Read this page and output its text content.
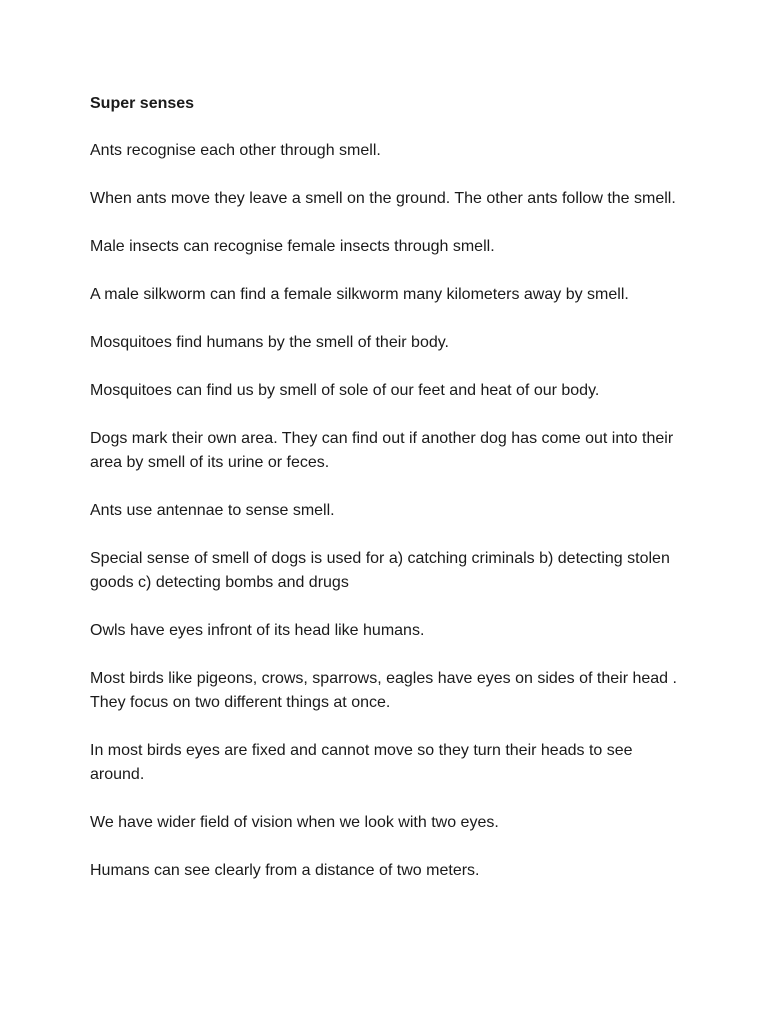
Super senses

Ants recognise each other through smell.

When ants move they leave a smell on the ground. The other ants follow the smell.

Male insects can recognise female insects through smell.

A male silkworm can find a female silkworm many kilometers away by smell.

Mosquitoes find humans by the smell of their body.

Mosquitoes can find us by smell of sole of our feet and heat of our body.

Dogs mark their own area. They can find out if another dog has come out into their area by smell of its urine or feces.

Ants use antennae to sense smell.

Special sense of smell of dogs is used for a) catching criminals b) detecting stolen goods c) detecting bombs and drugs

Owls have eyes infront of its head like humans.

Most birds like pigeons, crows, sparrows, eagles have eyes on sides of their head . They focus on two different things at once.

In most birds eyes are fixed and cannot move so they turn their heads to see around.

We have wider field of vision when we look with two eyes.

Humans can see clearly from a distance of two meters.
